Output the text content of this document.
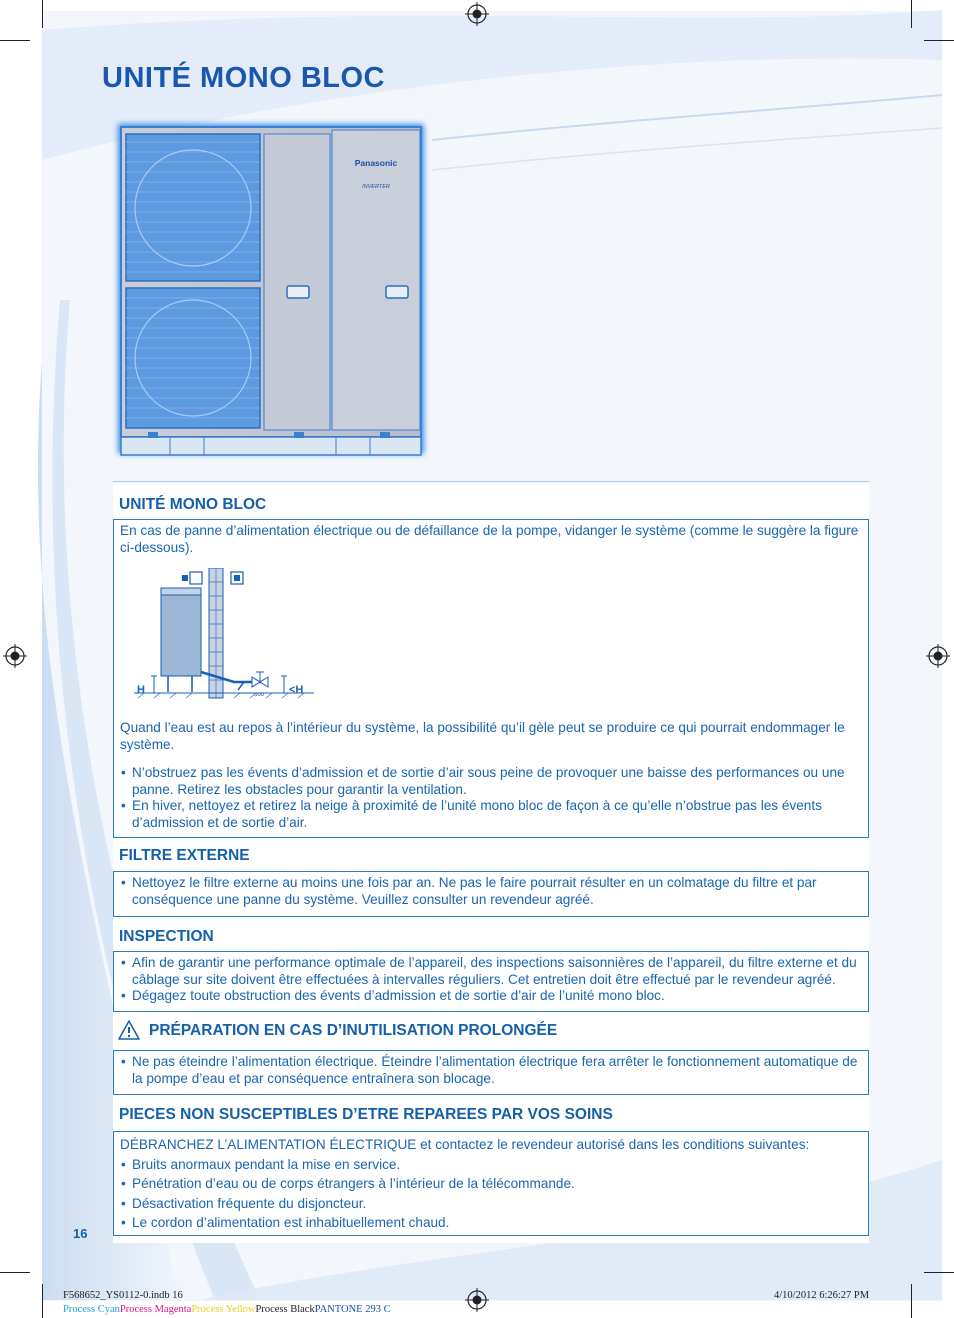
UNITÉ MONO BLOC
Panasonic
INVERTER
UNITÉ MONO BLOC

En cas de panne d’alimentation électrique ou de défaillance de la pompe, vidanger le système (comme le suggère la figure ci-dessous).

ooo
H	<H

Quand l’eau est au repos à l’intérieur du système, la possibilité qu’il gèle peut se produire ce qui pourrait endommager le système.

• N’obstruez pas les évents d’admission et de sortie d’air sous peine de provoquer une baisse des performances ou une panne. Retirez les obstacles pour garantir la ventilation.
• En hiver, nettoyez et retirez la neige à proximité de l’unité mono bloc de façon à ce qu’elle n’obstrue pas les évents d’admission et de sortie d’air.
FILTRE EXTERNE
• Nettoyez le filtre externe au moins une fois par an. Ne pas le faire pourrait résulter en un colmatage du filtre et par conséquence une panne du système. Veuillez consulter un revendeur agréé.
INSPECTION
• Afin de garantir une performance optimale de l’appareil, des inspections saisonnières de l’appareil, du filtre externe et du câblage sur site doivent être effectuées à intervalles réguliers. Cet entretien doit être effectué par le revendeur agréé.
• Dégagez toute obstruction des évents d’admission et de sortie d’air de l’unité mono bloc.
PRÉPARATION EN CAS D’INUTILISATION PROLONGÉE
• Ne pas éteindre l’alimentation électrique. Éteindre l’alimentation électrique fera arrêter le fonctionnement automatique de la pompe d’eau et par conséquence entraînera son blocage.
PIECES NON SUSCEPTIBLES D’ETRE REPAREES PAR VOS SOINS

DÉBRANCHEZ L’ALIMENTATION ÉLECTRIQUE et contactez le revendeur autorisé dans les conditions suivantes:

• Bruits anormaux pendant la mise en service.
• Pénétration d’eau ou de corps étrangers à l’intérieur de la télécommande.
• Désactivation fréquente du disjoncteur.
• Le cordon d’alimentation est inhabituellement chaud.
16
F568652_YS0112-0.indb 16	4/10/2012 6:26:27 PM
Process CyanProcess MagentaProcess YellowProcess BlackPANTONE 293 C
